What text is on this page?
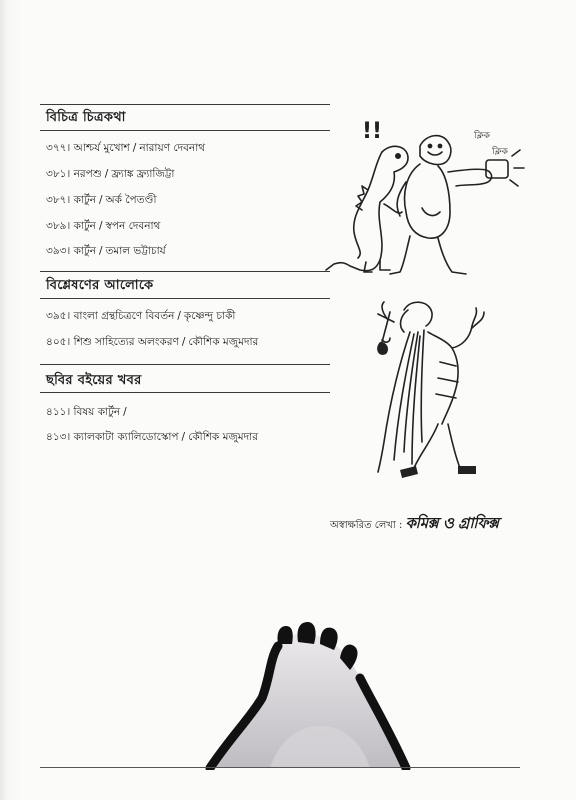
বিচিত্র চিত্রকথা
৩৭৭। আশ্চর্য মুখোশ / নারায়ণ দেবনাথ
৩৮১। নরপশু / ফ্র্যাঙ্ক ফ্র্যাজিট্টা
৩৮৭। কার্টুন / অর্ক পৈতণ্ডী
৩৮৯। কার্টুন / স্বপন দেবনাথ
৩৯৩। কার্টুন / তমাল ভট্টাচার্য
বিশ্লেষণের আলোকে
৩৯৫। বাংলা গ্রন্থচিত্রণে বিবর্তন / কৃষ্ণেন্দু চাকী
৪০৫। শিশু সাহিত্যের অলংকরণ / কৌশিক মজুমদার
ছবির বইয়ের খবর
৪১১। বিষয় কার্টুন /
৪১৩। ক্যালকাটা ক্যালিডোস্কোপ / কৌশিক মজুমদার
!!	ক্লিক
ক্লিক
অস্বাক্ষরিত লেখা : কমিক্স ও গ্রাফিক্স
